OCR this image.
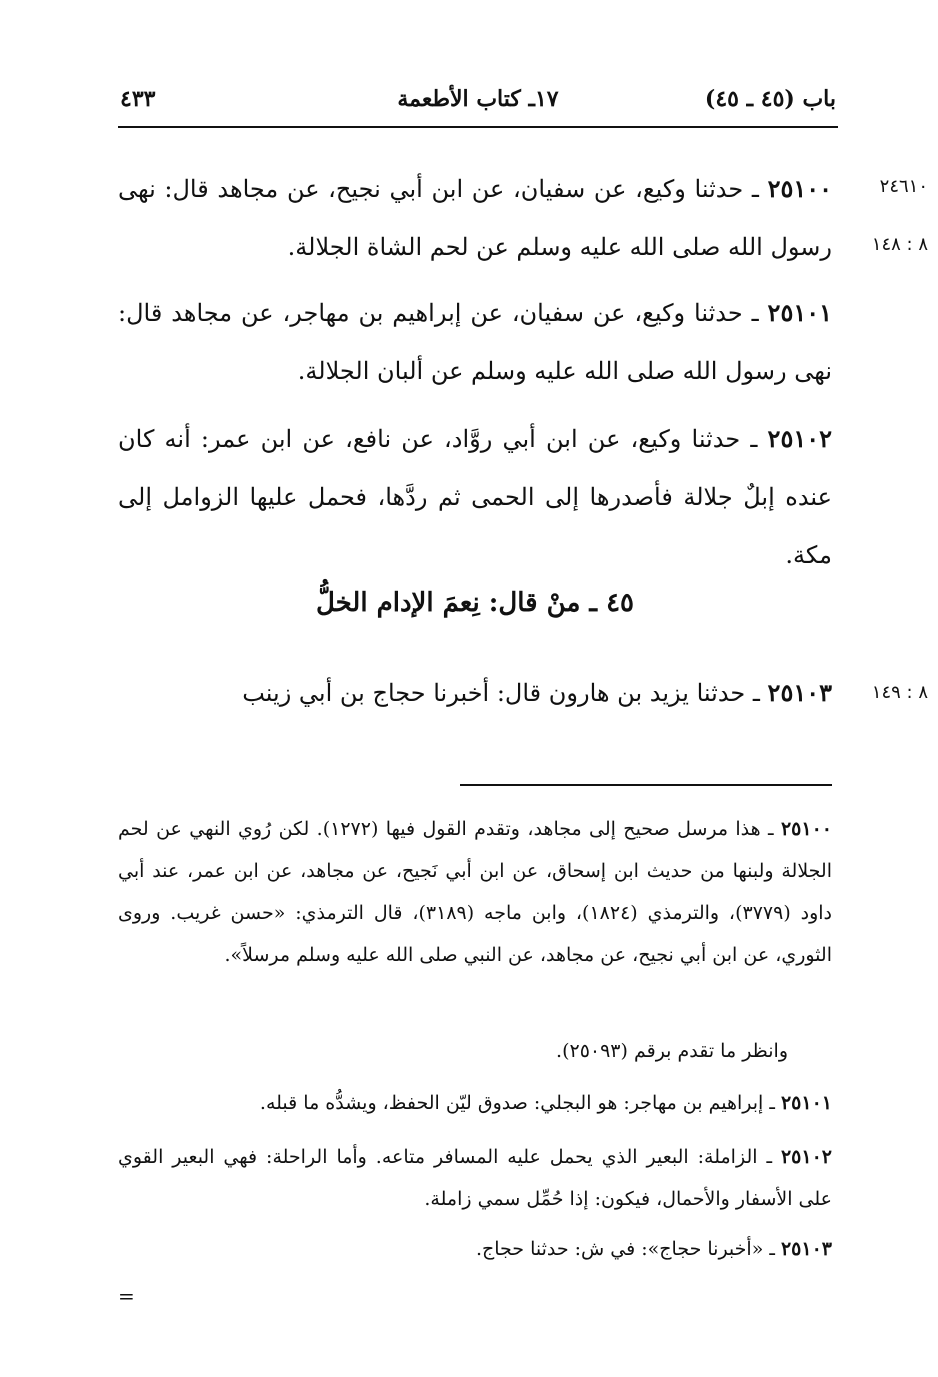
باب (٤٥ ـ ٤٥)
١٧ـ كتاب الأطعمة
٤٣٣
٢٤٦١٠
٨ : ١٤٨
٨ : ١٤٩
٢٥١٠٠ ـ حدثنا وكيع، عن سفيان، عن ابن أبي نجيح، عن مجاهد قال: نهى رسول الله صلى الله عليه وسلم عن لحم الشاة الجلالة.
٢٥١٠١ ـ حدثنا وكيع، عن سفيان، عن إبراهيم بن مهاجر، عن مجاهد قال: نهى رسول الله صلى الله عليه وسلم عن ألبان الجلالة.
٢٥١٠٢ ـ حدثنا وكيع، عن ابن أبي روَّاد، عن نافع، عن ابن عمر: أنه كان عنده إبلٌ جلالة فأصدرها إلى الحمى ثم ردَّها، فحمل عليها الزوامل إلى مكة.
٤٥ ـ منْ قال: نِعمَ الإدام الخلُّ
٢٥١٠٣ ـ حدثنا يزيد بن هارون قال: أخبرنا حجاج بن أبي زينب
٢٥١٠٠ ـ هذا مرسل صحيح إلى مجاهد، وتقدم القول فيها (١٢٧٢). لكن رُوي النهي عن لحم الجلالة ولبنها من حديث ابن إسحاق، عن ابن أبي نَجيح، عن مجاهد، عن ابن عمر، عند أبي داود (٣٧٧٩)، والترمذي (١٨٢٤)، وابن ماجه (٣١٨٩)، قال الترمذي: «حسن غريب. وروى الثوري، عن ابن أبي نجيح، عن مجاهد، عن النبي صلى الله عليه وسلم مرسلاً».
وانظر ما تقدم برقم (٢٥٠٩٣).
٢٥١٠١ ـ إبراهيم بن مهاجر: هو البجلي: صدوق ليّن الحفظ، ويشدُّه ما قبله.
٢٥١٠٢ ـ الزاملة: البعير الذي يحمل عليه المسافر متاعه. وأما الراحلة: فهي البعير القوي على الأسفار والأحمال، فيكون: إذا حُمِّل سمي زاملة.
٢٥١٠٣ ـ «أخبرنا حجاج»: في ش: حدثنا حجاج.
=
